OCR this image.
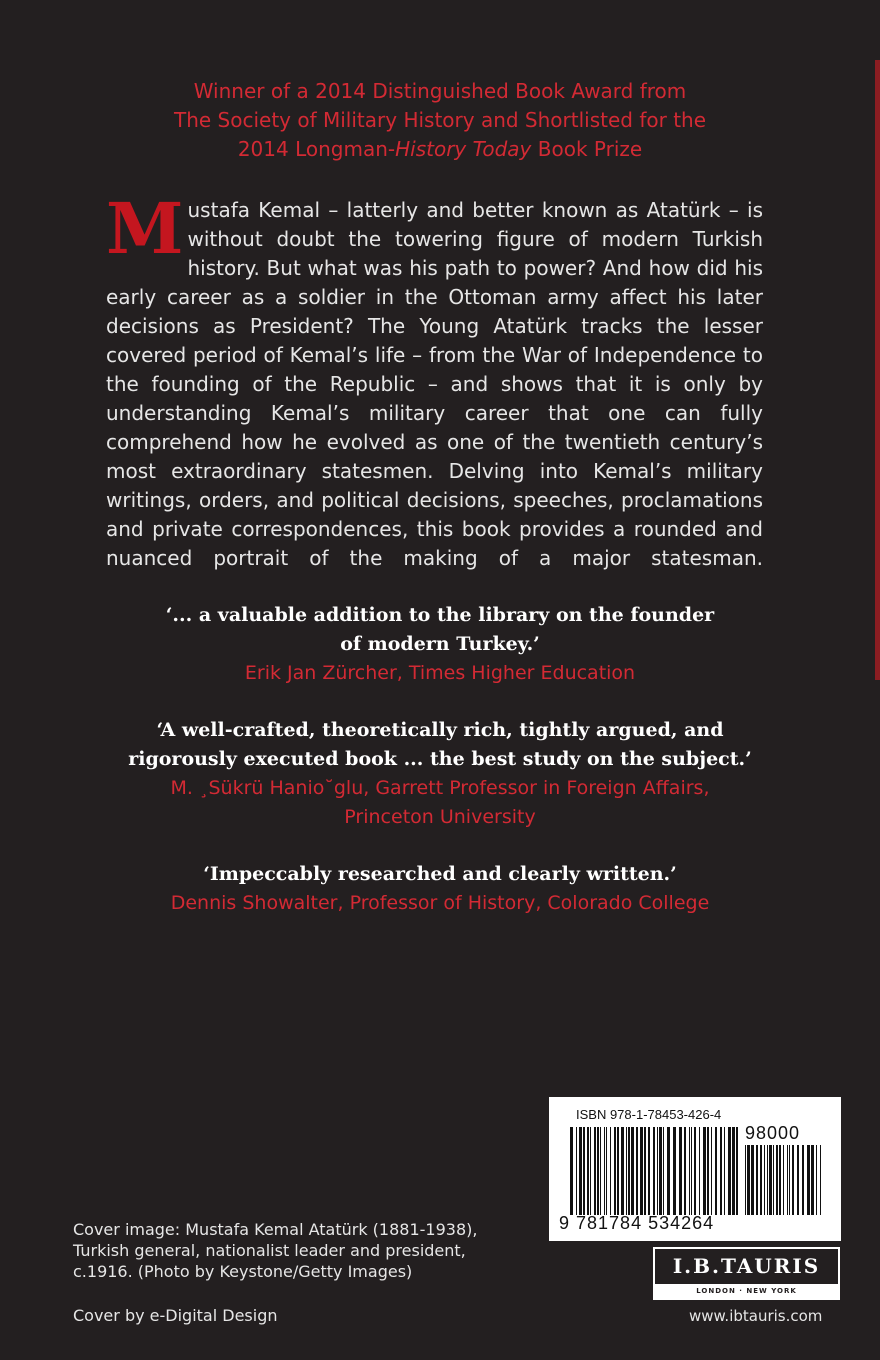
Winner of a 2014 Distinguished Book Award from
The Society of Military History and Shortlisted for the
2014 Longman-History Today Book Prize
Mustafa Kemal – latterly and better known as Atatürk – is without doubt the towering figure of modern Turkish history. But what was his path to power? And how did his early career as a soldier in the Ottoman army affect his later decisions as President? The Young Atatürk tracks the lesser covered period of Kemal’s life – from the War of Independence to the founding of the Republic – and shows that it is only by understanding Kemal’s military career that one can fully comprehend how he evolved as one of the twentieth century’s most extraordinary statesmen. Delving into Kemal’s military writings, orders, and political decisions, speeches, proclamations and private correspondences, this book provides a rounded and nuanced portrait of the making of a major statesman.
‘... a valuable addition to the library on the founder
of modern Turkey.’
Erik Jan Zürcher, Times Higher Education
‘A well-crafted, theoretically rich, tightly argued, and
rigorously executed book ... the best study on the subject.’
M. ¸Sükrü Hanio˘glu, Garrett Professor in Foreign Affairs,
Princeton University
‘Impeccably researched and clearly written.’
Dennis Showalter, Professor of History, Colorado College
Cover image: Mustafa Kemal Atatürk (1881-1938),
Turkish general, nationalist leader and president,
c.1916. (Photo by Keystone/Getty Images)
Cover by e-Digital Design
ISBN 978-1-78453-426-4
98000
9 781784 534264
I.B.TAURIS
LONDON · NEW YORK
www.ibtauris.com
